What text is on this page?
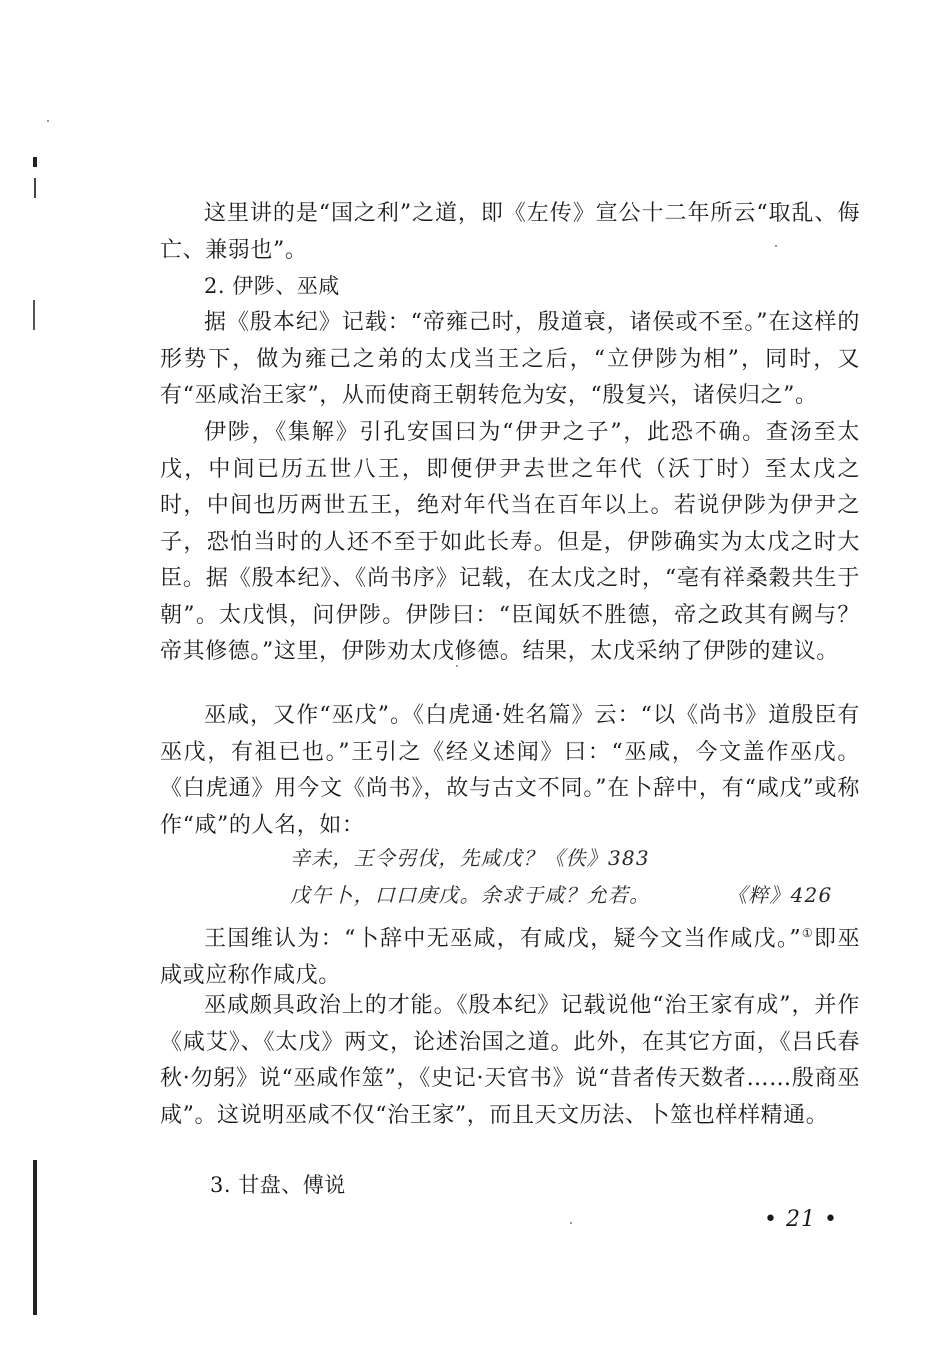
这里讲的是“国之利”之道，即《左传》宣公十二年所云“取乱、侮亡、兼弱也”。

2. 伊陟、巫咸

据《殷本纪》记载：“帝雍己时，殷道衰，诸侯或不至。”在这样的形势下，做为雍己之弟的太戊当王之后，“立伊陟为相”，同时，又有“巫咸治王家”，从而使商王朝转危为安，“殷复兴，诸侯归之”。

伊陟，《集解》引孔安国曰为“伊尹之子”，此恐不确。查汤至太戊，中间已历五世八王，即便伊尹去世之年代（沃丁时）至太戊之时，中间也历两世五王，绝对年代当在百年以上。若说伊陟为伊尹之子，恐怕当时的人还不至于如此长寿。但是，伊陟确实为太戊之时大臣。据《殷本纪》、《尚书序》记载，在太戊之时，“亳有祥桑穀共生于朝”。太戊惧，问伊陟。伊陟曰：“臣闻妖不胜德，帝之政其有阙与？帝其修德。”这里，伊陟劝太戊修德。结果，太戊采纳了伊陟的建议。

巫咸，又作“巫戊”。《白虎通·姓名篇》云：“以《尚书》道殷臣有巫戊，有祖已也。”王引之《经义述闻》曰：“巫咸，今文盖作巫戊。《白虎通》用今文《尚书》，故与古文不同。”在卜辞中，有“咸戊”或称作“咸”的人名，如：

辛未，王令弜伐，先咸戊？《佚》383
戊午卜，口口庚戊。余求于咸？允若。	《粹》426

王国维认为：“卜辞中无巫咸，有咸戊，疑今文当作咸戊。”①即巫咸或应称作咸戊。

巫咸颇具政治上的才能。《殷本纪》记载说他“治王家有成”，并作《咸艾》、《太戊》两文，论述治国之道。此外，在其它方面，《吕氏春秋·勿躬》说“巫咸作筮”，《史记·天官书》说“昔者传天数者……殷商巫咸”。这说明巫咸不仅“治王家”，而且天文历法、卜筮也样样精通。

3. 甘盘、傅说
• 21 •
